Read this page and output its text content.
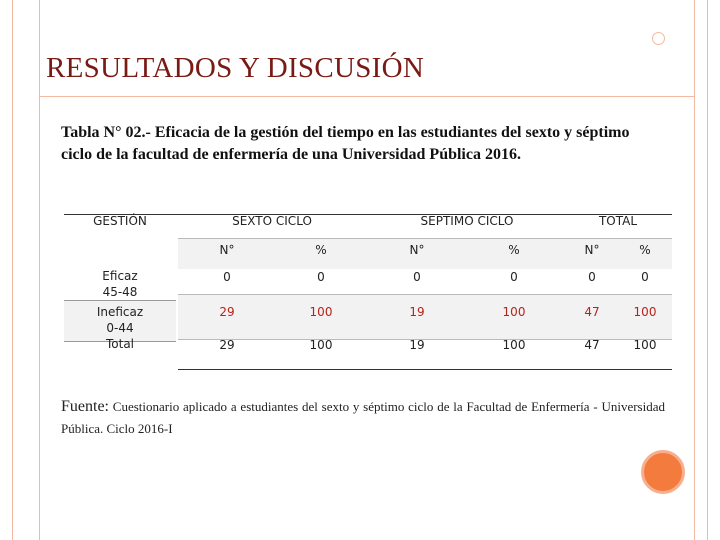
RESULTADOS Y DISCUSIÓN
Tabla N° 02.- Eficacia de la gestión del tiempo en las estudiantes del sexto y séptimo ciclo de la facultad de enfermería de una Universidad Pública 2016.
GESTIÓN	SEXTO CICLO	SEPTIMO CICLO	TOTAL
N°	%	N°	%	N°	%
Eficaz
45-48
0	0	0	0	0	0
Ineficaz
0-44
29	100	19	100	47	100
Total	29	100	19	100	47	100
Fuente: Cuestionario aplicado a estudiantes del sexto y séptimo ciclo de la Facultad de Enfermería - Universidad Pública. Ciclo 2016-I
